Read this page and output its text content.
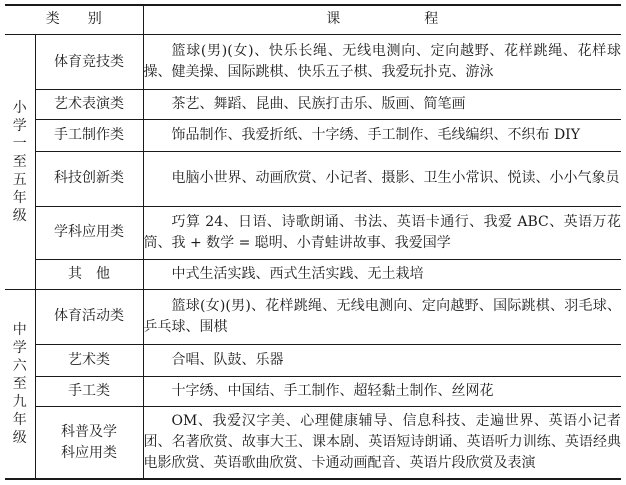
类　　别		课　　　　　　程

小学一至五年级	体育竞技类	篮球(男)(女)、快乐长绳、无线电测向、定向越野、花样跳绳、花样球操、健美操、国际跳棋、快乐五子棋、我爱玩扑克、游泳

	艺术表演类	茶艺、舞蹈、昆曲、民族打击乐、版画、简笔画

	手工制作类	饰品制作、我爱折纸、十字绣、手工制作、毛线编织、不织布 DIY

	科技创新类	电脑小世界、动画欣赏、小记者、摄影、卫生小常识、悦读、小小气象员

	学科应用类	巧算 24、日语、诗歌朗诵、书法、英语卡通行、我爱 ABC、英语万花筒、我 + 数学 = 聪明、小青蛙讲故事、我爱国学

	其　他	中式生活实践、西式生活实践、无土栽培

中学六至九年级	体育活动类	篮球(女)(男)、花样跳绳、无线电测向、定向越野、国际跳棋、羽毛球、乒乓球、围棋

	艺术类	合唱、队鼓、乐器

	手工类	十字绣、中国结、手工制作、超轻黏土制作、丝网花

	科普及学
科应用类	OM、我爱汉字美、心理健康辅导、信息科技、走遍世界、英语小记者团、名著欣赏、故事大王、课本剧、英语短诗朗诵、英语听力训练、英语经典电影欣赏、英语歌曲欣赏、卡通动画配音、英语片段欣赏及表演
